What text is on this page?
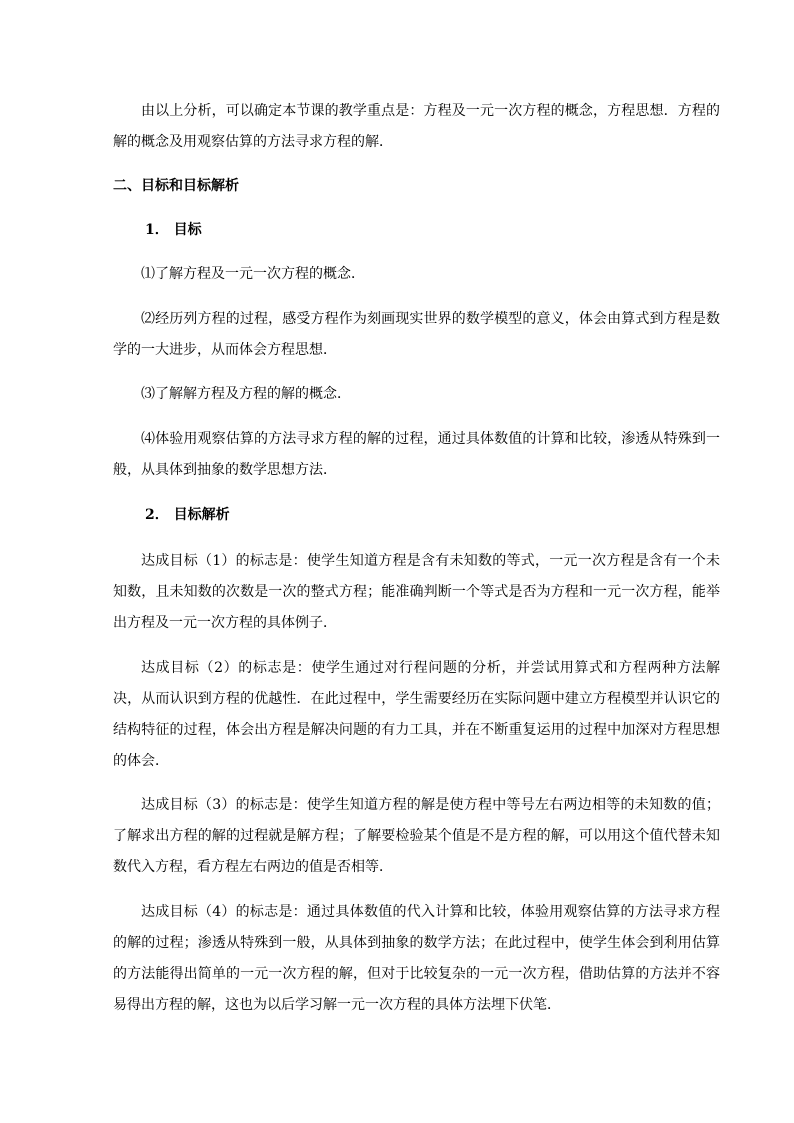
由以上分析，可以确定本节课的教学重点是：方程及一元一次方程的概念，方程思想．方程的解的概念及用观察估算的方法寻求方程的解．

二、目标和目标解析

1． 目标

⑴了解方程及一元一次方程的概念．

⑵经历列方程的过程，感受方程作为刻画现实世界的数学模型的意义，体会由算式到方程是数学的一大进步，从而体会方程思想．

⑶了解解方程及方程的解的概念．

⑷体验用观察估算的方法寻求方程的解的过程，通过具体数值的计算和比较，渗透从特殊到一般，从具体到抽象的数学思想方法．

2． 目标解析

达成目标（1）的标志是：使学生知道方程是含有未知数的等式，一元一次方程是含有一个未知数，且未知数的次数是一次的整式方程；能准确判断一个等式是否为方程和一元一次方程，能举出方程及一元一次方程的具体例子．

达成目标（2）的标志是：使学生通过对行程问题的分析，并尝试用算式和方程两种方法解决，从而认识到方程的优越性．在此过程中，学生需要经历在实际问题中建立方程模型并认识它的结构特征的过程，体会出方程是解决问题的有力工具，并在不断重复运用的过程中加深对方程思想的体会．

达成目标（3）的标志是：使学生知道方程的解是使方程中等号左右两边相等的未知数的值；了解求出方程的解的过程就是解方程；了解要检验某个值是不是方程的解，可以用这个值代替未知数代入方程，看方程左右两边的值是否相等．

达成目标（4）的标志是：通过具体数值的代入计算和比较，体验用观察估算的方法寻求方程的解的过程；渗透从特殊到一般，从具体到抽象的数学方法；在此过程中，使学生体会到利用估算的方法能得出简单的一元一次方程的解，但对于比较复杂的一元一次方程，借助估算的方法并不容易得出方程的解，这也为以后学习解一元一次方程的具体方法埋下伏笔．
